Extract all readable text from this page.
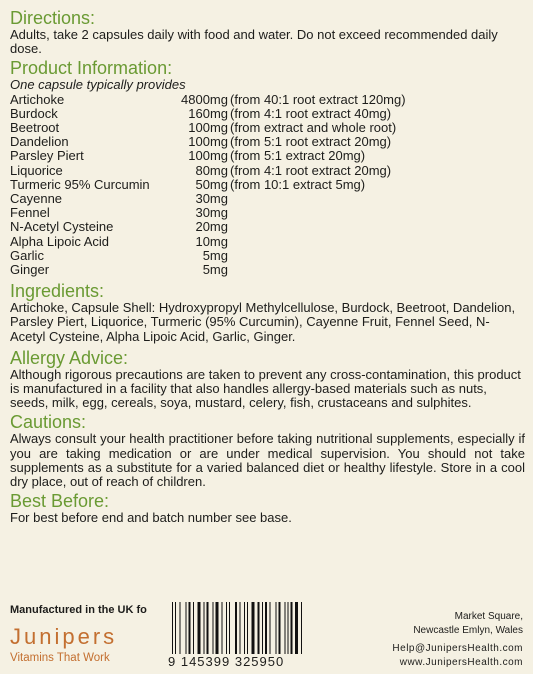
Directions:

Adults, take 2 capsules daily with food and water. Do not exceed recommended daily dose.

Product Information:

One capsule typically provides

Artichoke	4800mg	(from 40:1 root extract 120mg)
Burdock	160mg	(from 4:1 root extract 40mg)
Beetroot	100mg	(from extract and whole root)
Dandelion	100mg	(from 5:1 root extract 20mg)
Parsley Piert	100mg	(from 5:1 extract 20mg)
Liquorice	80mg	(from 4:1 root extract 20mg)
Turmeric 95% Curcumin	50mg	(from 10:1 extract 5mg)
Cayenne	30mg	
Fennel	30mg	
N-Acetyl Cysteine	20mg	
Alpha Lipoic Acid	10mg	
Garlic	5mg	
Ginger	5mg	
Ingredients:

Artichoke, Capsule Shell: Hydroxypropyl Methylcellulose, Burdock, Beetroot, Dandelion, Parsley Piert, Liquorice, Turmeric (95% Curcumin), Cayenne Fruit, Fennel Seed, N-Acetyl Cysteine, Alpha Lipoic Acid, Garlic, Ginger.

Allergy Advice:

Although rigorous precautions are taken to prevent any cross-contamination, this product is manufactured in a facility that also handles allergy-based materials such as nuts, seeds, milk, egg, cereals, soya, mustard, celery, fish, crustaceans and sulphites.

Cautions:

Always consult your health practitioner before taking nutritional supplements, especially if you are taking medication or are under medical supervision. You should not take supplements as a substitute for a varied balanced diet or healthy lifestyle. Store in a cool dry place, out of reach of children.

Best Before:

For best before end and batch number see base.

Manufactured in the UK fo
Junipers
Vitamins That Work	9 145399 325950
Market Square,
Newcastle Emlyn, Wales
Help@JunipersHealth.com
www.JunipersHealth.com
